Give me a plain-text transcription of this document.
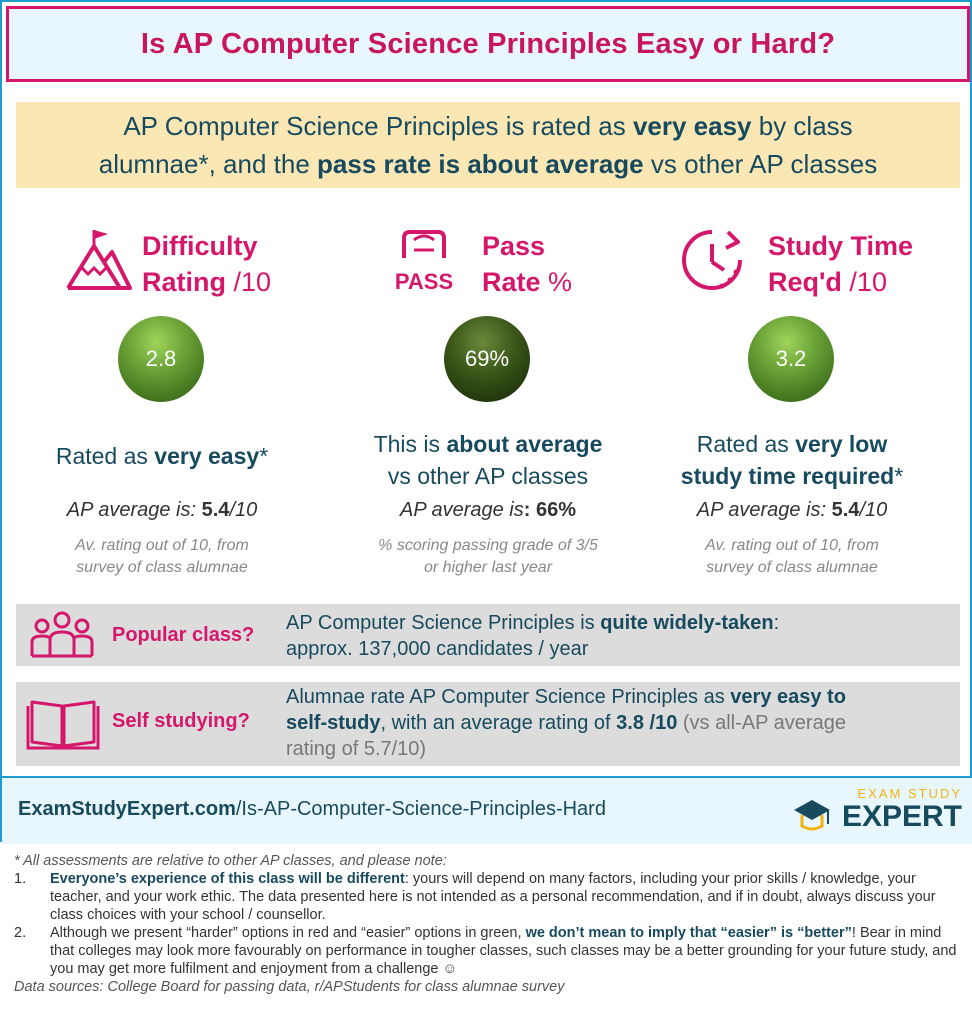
Is AP Computer Science Principles Easy or Hard?
AP Computer Science Principles is rated as very easy by class
alumnae*, and the pass rate is about average vs other AP classes
Difficulty
Rating /10
2.8
Rated as very easy*
AP average is: 5.4/10
Av. rating out of 10, from
survey of class alumnae
PASS
Pass
Rate %
69%
This is about average
vs other AP classes
AP average is: 66%
% scoring passing grade of 3/5
or higher last year
Study Time
Req'd /10
3.2
Rated as very low
study time required*
AP average is: 5.4/10
Av. rating out of 10, from
survey of class alumnae
Popular class?
AP Computer Science Principles is quite widely-taken:
approx. 137,000 candidates / year
Self studying?
Alumnae rate AP Computer Science Principles as very easy to
self-study, with an average rating of 3.8 /10 (vs all-AP average
rating of 5.7/10)
ExamStudyExpert.com/Is-AP-Computer-Science-Principles-Hard
EXAM STUDY
EXPERT
* All assessments are relative to other AP classes, and please note:
1. Everyone’s experience of this class will be different: yours will depend on many factors, including your prior skills / knowledge, your teacher, and your work ethic. The data presented here is not intended as a personal recommendation, and if in doubt, always discuss your class choices with your school / counsellor.
2. Although we present “harder” options in red and “easier” options in green, we don’t mean to imply that “easier” is “better”! Bear in mind that colleges may look more favourably on performance in tougher classes, such classes may be a better grounding for your future study, and you may get more fulfilment and enjoyment from a challenge ☺
Data sources: College Board for passing data, r/APStudents for class alumnae survey
